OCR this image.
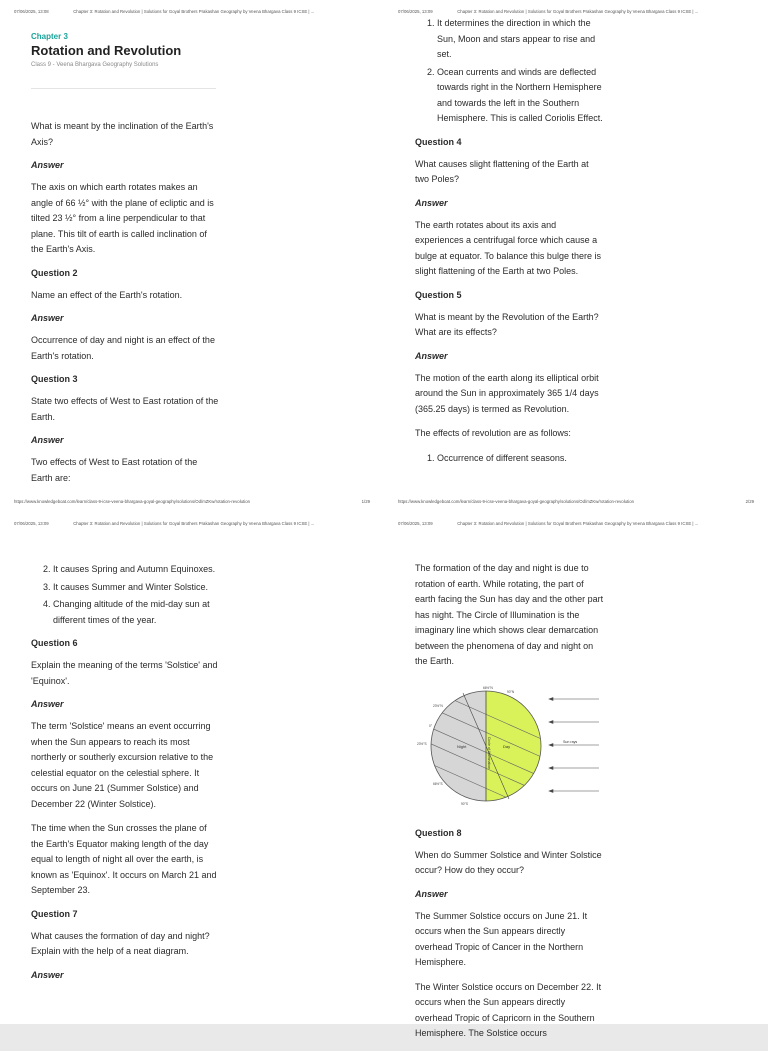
07/06/2025, 13:08	Chapter 3: Rotation and Revolution | Solutions for Goyal Brothers Prakashan Geography by Veena Bhargava Class 9 ICSE | ...
Chapter 3
Rotation and Revolution
Class 9 - Veena Bhargava Geography Solutions

What is meant by the inclination of the Earth's Axis?

Answer

The axis on which earth rotates makes an angle of 66 ½° with the plane of ecliptic and is tilted 23 ½° from a line perpendicular to that plane. This tilt of earth is called inclination of the Earth's Axis.

Question 2

Name an effect of the Earth's rotation.

Answer

Occurrence of day and night is an effect of the Earth's rotation.

Question 3

State two effects of West to East rotation of the Earth.

Answer

Two effects of West to East rotation of the Earth are:

https://www.knowledgeboat.com/learn/class-9-icse-veena-bhargava-goyal-geography/solutions/Od/mZKw/rotation-revolution	1/29
07/06/2025, 13:09	Chapter 3: Rotation and Revolution | Solutions for Goyal Brothers Prakashan Geography by Veena Bhargava Class 9 ICSE | ...
1. It determines the direction in which the Sun, Moon and stars appear to rise and set.
2. Ocean currents and winds are deflected towards right in the Northern Hemisphere and towards the left in the Southern Hemisphere. This is called Coriolis Effect.
Question 4

What causes slight flattening of the Earth at two Poles?

Answer

The earth rotates about its axis and experiences a centrifugal force which cause a bulge at equator. To balance this bulge there is slight flattening of the Earth at two Poles.

Question 5

What is meant by the Revolution of the Earth? What are its effects?

Answer

The motion of the earth along its elliptical orbit around the Sun in approximately 365 1/4 days (365.25 days) is termed as Revolution.

The effects of revolution are as follows:

1. Occurrence of different seasons.
https://www.knowledgeboat.com/learn/class-9-icse-veena-bhargava-goyal-geography/solutions/Od/mZKw/rotation-revolution	2/29
07/06/2025, 13:09	Chapter 3: Rotation and Revolution | Solutions for Goyal Brothers Prakashan Geography by Veena Bhargava Class 9 ICSE | ...
2. It causes Spring and Autumn Equinoxes.
3. It causes Summer and Winter Solstice.
4. Changing altitude of the mid-day sun at different times of the year.
Question 6

Explain the meaning of the terms 'Solstice' and 'Equinox'.

Answer

The term 'Solstice' means an event occurring when the Sun appears to reach its most northerly or southerly excursion relative to the celestial equator on the celestial sphere. It occurs on June 21 (Summer Solstice) and December 22 (Winter Solstice).

The time when the Sun crosses the plane of the Earth's Equator making length of the day equal to length of night all over the earth, is known as 'Equinox'. It occurs on March 21 and September 23.

Question 7

What causes the formation of day and night? Explain with the help of a neat diagram.

Answer
07/06/2025, 13:09	Chapter 3: Rotation and Revolution | Solutions for Goyal Brothers Prakashan Geography by Veena Bhargava Class 9 ICSE | ...

The formation of the day and night is due to rotation of earth. While rotating, the part of earth facing the Sun has day and the other part has night. The Circle of Illumination is the imaginary line which shows clear demarcation between the phenomena of day and night on the Earth.

Circle of Illumination
Night	Day
66½°N
90°N
23½°N
0°
23½°S
66½°S
90°S
Sun rays
Question 8

When do Summer Solstice and Winter Solstice occur? How do they occur?

Answer

The Summer Solstice occurs on June 21. It occurs when the Sun appears directly overhead Tropic of Cancer in the Northern Hemisphere.

The Winter Solstice occurs on December 22. It occurs when the Sun appears directly overhead Tropic of Capricorn in the Southern Hemisphere. The Solstice occurs
